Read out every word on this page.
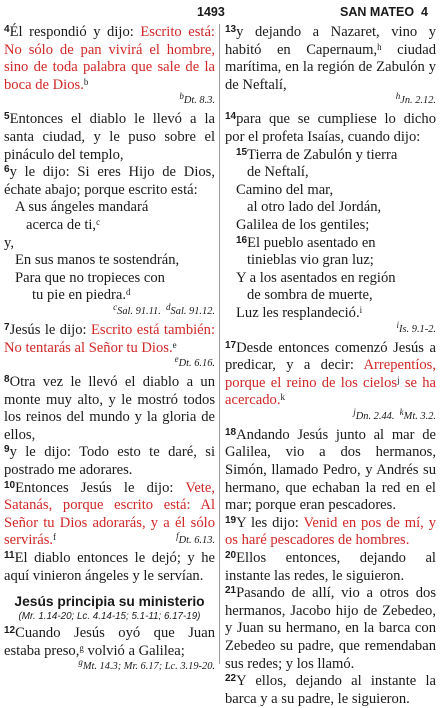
1493	SAN MATEO 4

$^4$Él respondió y dijo: Escrito está: No sólo de pan vivirá el hombre, sino de toda palabra que sale de la boca de Dios.$^b$

$^b$Dt. 8.3.

$^5$Entonces el diablo le llevó a la santa ciudad, y le puso sobre el pináculo del templo,

$^6$y le dijo: Si eres Hijo de Dios, échate abajo; porque escrito está:

A sus ángeles mandará
acerca de ti,$^c$
y,
En sus manos te sostendrán,
Para que no tropieces con
tu pie en piedra.$^d$

$^c$Sal. 91.11. $^d$Sal. 91.12.

$^7$Jesús le dijo: Escrito está también: No tentarás al Señor tu Dios.$^e$

$^e$Dt. 6.16.

$^8$Otra vez le llevó el diablo a un monte muy alto, y le mostró todos los reinos del mundo y la gloria de ellos,

$^9$y le dijo: Todo esto te daré, si postrado me adorares.

$^{10}$Entonces Jesús le dijo: Vete, Satanás, porque escrito está: Al Señor tu Dios adorarás, y a él sólo servirás.$^f$	$^f$Dt. 6.13.

$^{11}$El diablo entonces le dejó; y he aquí vinieron ángeles y le servían.

Jesús principia su ministerio
(Mr. 1.14-20; Lc. 4.14-15; 5.1-11; 6.17-19)

$^{12}$Cuando Jesús oyó que Juan estaba preso,$^g$ volvió a Galilea;

$^g$Mt. 14.3; Mr. 6.17; Lc. 3.19-20.

$^{13}$y dejando a Nazaret, vino y habitó en Capernaum,$^h$ ciudad marítima, en la región de Zabulón y de Neftalí,

$^h$Jn. 2.12.

$^{14}$para que se cumpliese lo dicho por el profeta Isaías, cuando dijo:

$^{15}$Tierra de Zabulón y tierra
de Neftalí,
Camino del mar,
al otro lado del Jordán,
Galilea de los gentiles;
$^{16}$El pueblo asentado en
tinieblas vio gran luz;
Y a los asentados en región
de sombra de muerte,
Luz les resplandeció.$^i$

$^i$Is. 9.1-2.

$^{17}$Desde entonces comenzó Jesús a predicar, y a decir: Arrepentíos, porque el reino de los cielos$^j$ se ha acercado.$^k$

$^j$Dn. 2.44. $^k$Mt. 3.2.

$^{18}$Andando Jesús junto al mar de Galilea, vio a dos hermanos, Simón, llamado Pedro, y Andrés su hermano, que echaban la red en el mar; porque eran pescadores.

$^{19}$Y les dijo: Venid en pos de mí, y os haré pescadores de hombres.

$^{20}$Ellos entonces, dejando al instante las redes, le siguieron.

$^{21}$Pasando de allí, vio a otros dos hermanos, Jacobo hijo de Zebedeo, y Juan su hermano, en la barca con Zebedeo su padre, que remendaban sus redes; y los llamó.

$^{22}$Y ellos, dejando al instante la barca y a su padre, le siguieron.
